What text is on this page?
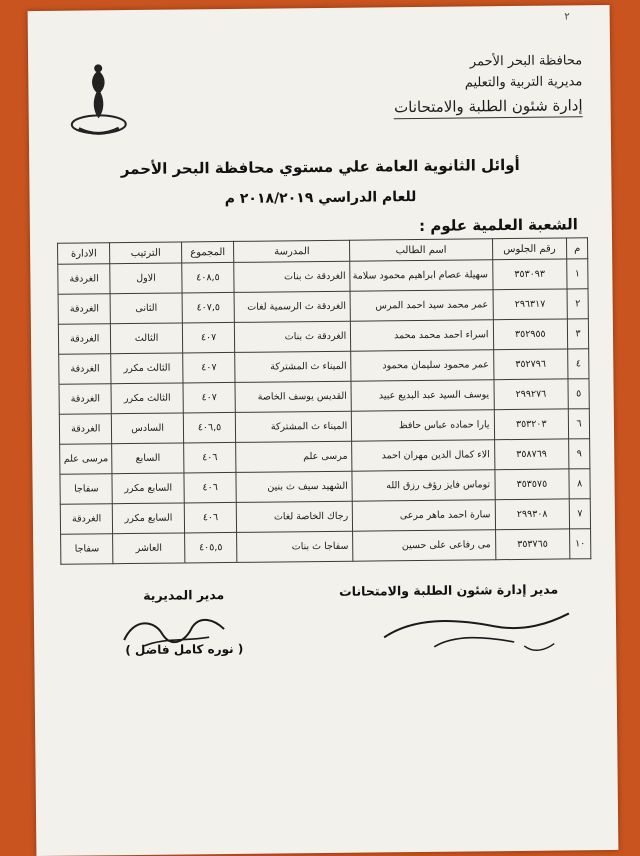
٢
محافظة البحر الأحمر
مديرية التربية والتعليم
إدارة شئون الطلبة والامتحانات
أوائل الثانوية العامة علي مستوي محافظة البحر الأحمر
للعام الدراسي ٢٠١٨/٢٠١٩ م
الشعبة العلمية علوم :
م	رقم الجلوس	اسم الطالب	المدرسة	المجموع	الترتيب	الادارة
١	٣٥٣٠٩٣	سهيلة عصام ابراهيم محمود سلامة	الغردقة ث بنات	٤٠٨,٥	الاول	الغردقة
٢	٢٩٦٣١٧	عمر محمد سيد احمد المرس	الغردقة ث الرسمية لغات	٤٠٧,٥	الثانى	الغردقة
٣	٣٥٢٩٥٥	اسراء احمد محمد محمد	الغردقة ث بنات	٤٠٧	الثالث	الغردقة
٤	٣٥٢٧٩٦	عمر محمود سليمان محمود	الميناء ث المشتركة	٤٠٧	الثالث مكرر	الغردقة
٥	٢٩٩٢٧٦	يوسف السيد عبد البديع عبيد	القديس يوسف الخاصة	٤٠٧	الثالث مكرر	الغردقة
٦	٣٥٣٢٠٣	يارا حماده عباس حافظ	الميناء ث المشتركة	٤٠٦,٥	السادس	الغردقة
٩	٣٥٨٧٦٩	الاء كمال الدين مهران احمد	مرسى علم	٤٠٦	السابع	مرسى علم
٨	٣٥٣٥٧٥	توماس فايز رؤف رزق الله	الشهيد سيف ث بنين	٤٠٦	السابع مكرر	سفاجا
٧	٢٩٩٣٠٨	سارة احمد ماهر مرعى	رجاك الخاصة لغات	٤٠٦	السابع مكرر	الغردقة
١٠	٣٥٣٧٦٥	مى رفاعى على حسين	سفاجا ث بنات	٤٠٥,٥	العاشر	سفاجا
مدير إدارة شئون الطلبة والامتحانات
مدير المديرية
( نوره كامل فاضل )
